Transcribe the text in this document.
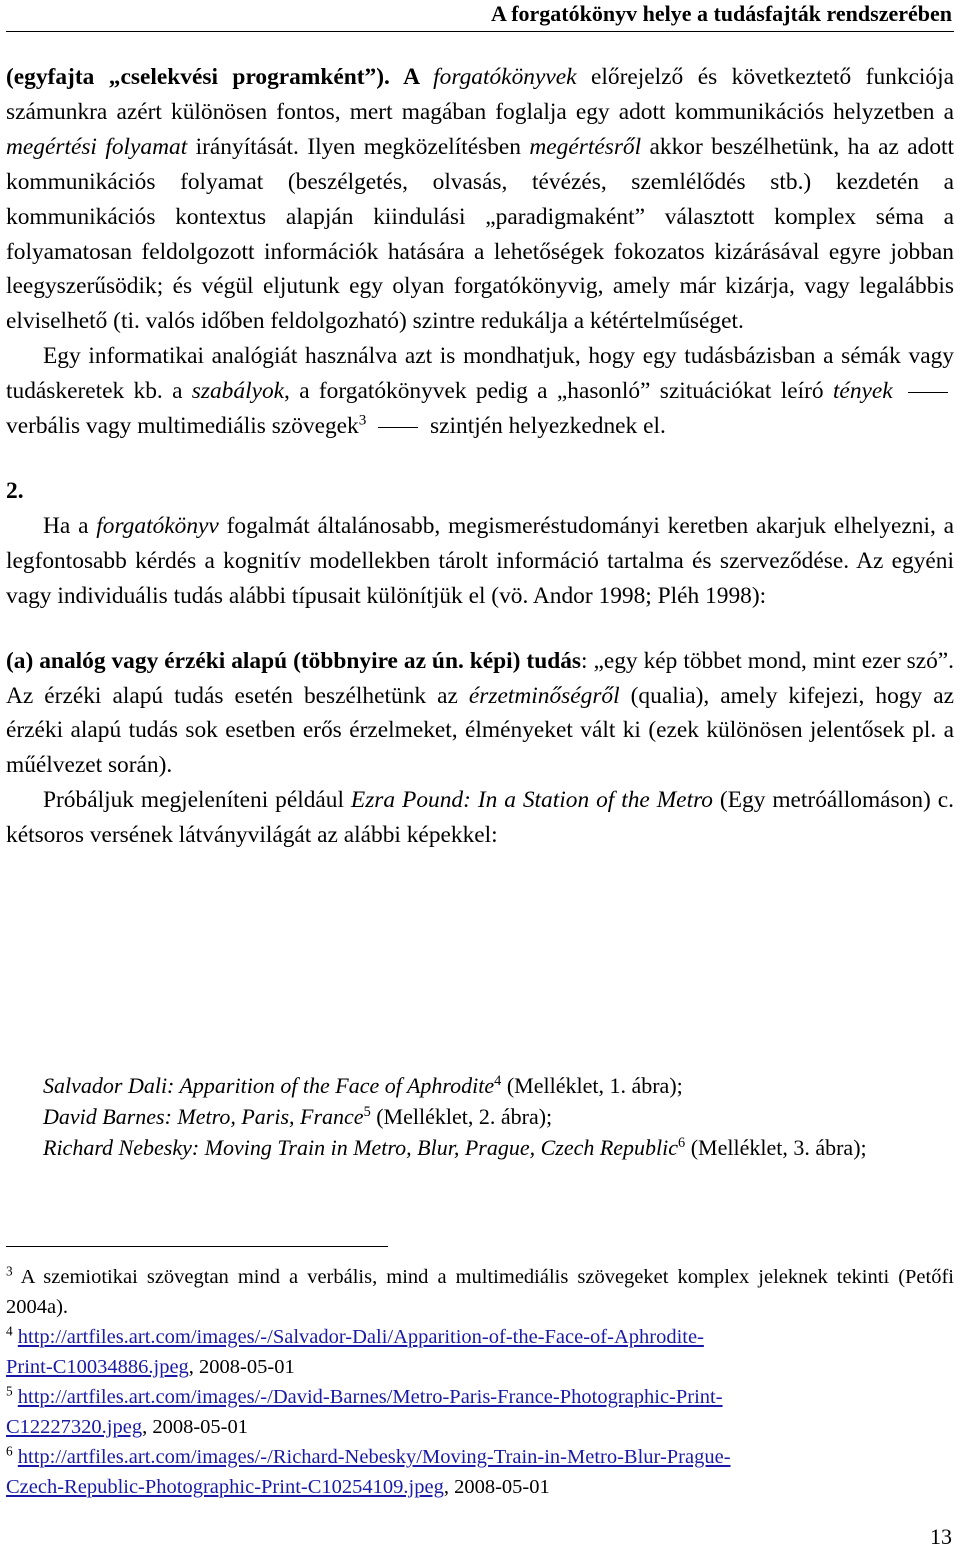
A forgatókönyv helye a tudásfajták rendszerében

(egyfajta „cselekvési programként”). A forgatókönyvek előrejelző és következtető funkciója számunkra azért különösen fontos, mert magában foglalja egy adott kommunikációs helyzetben a megértési folyamat irányítását. Ilyen megközelítésben megértésről akkor beszélhetünk, ha az adott kommunikációs folyamat (beszélgetés, olvasás, tévézés, szemlélődés stb.) kezdetén a kommunikációs kontextus alapján kiindulási „paradigmaként” választott komplex séma a folyamatosan feldolgozott információk hatására a lehetőségek fokozatos kizárásával egyre jobban leegyszerűsödik; és végül eljutunk egy olyan forgatókönyvig, amely már kizárja, vagy legalábbis elviselhető (ti. valós időben feldolgozható) szintre redukálja a kétértelműséget.

Egy informatikai analógiát használva azt is mondhatjuk, hogy egy tudásbázisban a sémák vagy tudáskeretek kb. a szabályok, a forgatókönyvek pedig a „hasonló” szituációkat leíró tények  verbális vagy multimediális szövegek$^3$  szintjén helyezkednek el.

2.

Ha a forgatókönyv fogalmát általánosabb, megismeréstudományi keretben akarjuk elhelyezni, a legfontosabb kérdés a kognitív modellekben tárolt információ tartalma és szerveződése. Az egyéni vagy individuális tudás alábbi típusait különítjük el (vö. Andor 1998; Pléh 1998):

(a) analóg vagy érzéki alapú (többnyire az ún. képi) tudás: „egy kép többet mond, mint ezer szó”. Az érzéki alapú tudás esetén beszélhetünk az érzetminőségről (qualia), amely kifejezi, hogy az érzéki alapú tudás sok esetben erős érzelmeket, élményeket vált ki (ezek különösen jelentősek pl. a műélvezet során).

Próbáljuk megjeleníteni például Ezra Pound: In a Station of the Metro (Egy metróállomáson) c. kétsoros versének látványvilágát az alábbi képekkel:

Salvador Dali: Apparition of the Face of Aphrodite$^4$ (Melléklet, 1. ábra);

David Barnes: Metro, Paris, France$^5$ (Melléklet, 2. ábra);

Richard Nebesky: Moving Train in Metro, Blur, Prague, Czech Republic$^6$ (Melléklet, 3. ábra);

$^3$ A szemiotikai szövegtan mind a verbális, mind a multimediális szövegeket komplex jeleknek tekinti (Petőfi 2004a).

$^4$ http://artfiles.art.com/images/-/Salvador-Dali/Apparition-of-the-Face-of-Aphrodite-
Print-C10034886.jpeg, 2008-05-01

$^5$ http://artfiles.art.com/images/-/David-Barnes/Metro-Paris-France-Photographic-Print-
C12227320.jpeg, 2008-05-01

$^6$ http://artfiles.art.com/images/-/Richard-Nebesky/Moving-Train-in-Metro-Blur-Prague-
Czech-Republic-Photographic-Print-C10254109.jpeg, 2008-05-01

13
